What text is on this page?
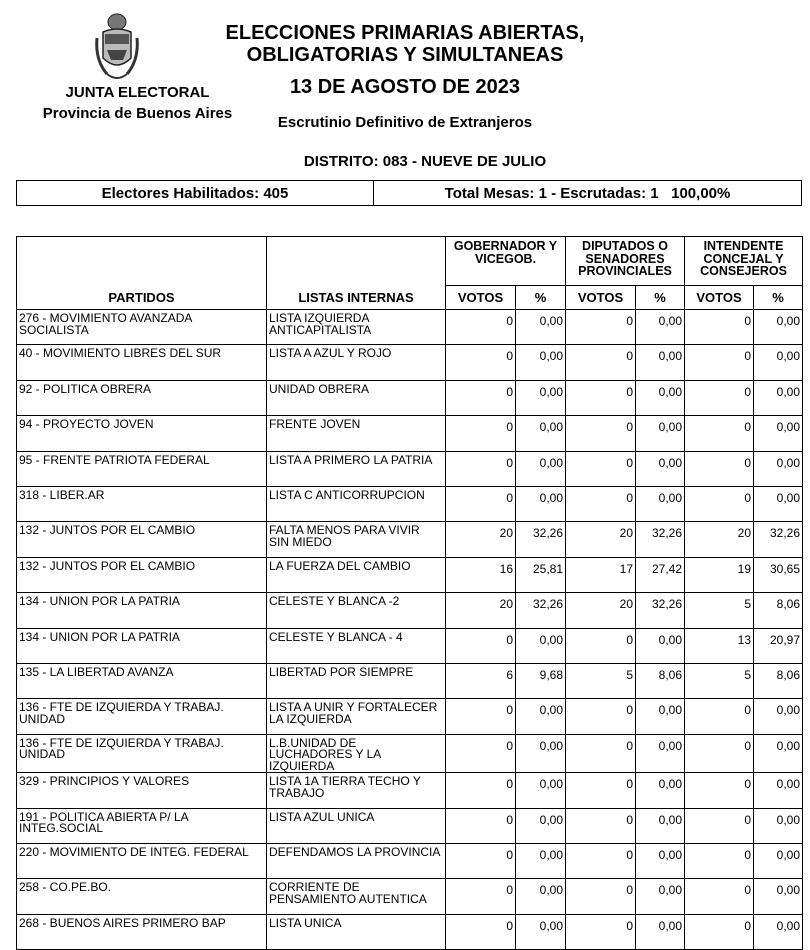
JUNTA ELECTORAL
Provincia de Buenos Aires
ELECCIONES PRIMARIAS ABIERTAS,
OBLIGATORIAS Y SIMULTANEAS
13 DE AGOSTO DE 2023
Escrutinio Definitivo de Extranjeros
DISTRITO: 083 - NUEVE DE JULIO
Electores Habilitados: 405	Total Mesas: 1 - Escrutadas: 1   100,00%
PARTIDOS	LISTAS INTERNAS	GOBERNADOR Y VICEGOB.		DIPUTADOS O SENADORES PROVINCIALES		INTENDENTE CONCEJAL Y CONSEJEROS	
		VOTOS	%	VOTOS	%	VOTOS	%
276 - MOVIMIENTO AVANZADA SOCIALISTA	LISTA IZQUIERDA ANTICAPITALISTA	0	0,00	0	0,00	0	0,00
40 - MOVIMIENTO LIBRES DEL SUR	LISTA A AZUL Y ROJO	0	0,00	0	0,00	0	0,00
92 - POLITICA OBRERA	UNIDAD OBRERA	0	0,00	0	0,00	0	0,00
94 - PROYECTO JOVEN	FRENTE JOVEN	0	0,00	0	0,00	0	0,00
95 - FRENTE PATRIOTA FEDERAL	LISTA A PRIMERO LA PATRIA	0	0,00	0	0,00	0	0,00
318 - LIBER.AR	LISTA C ANTICORRUPCION	0	0,00	0	0,00	0	0,00
132 - JUNTOS POR EL CAMBIO	FALTA MENOS PARA VIVIR SIN MIEDO	20	32,26	20	32,26	20	32,26
132 - JUNTOS POR EL CAMBIO	LA FUERZA DEL CAMBIO	16	25,81	17	27,42	19	30,65
134 - UNION POR LA PATRIA	CELESTE Y BLANCA -2	20	32,26	20	32,26	5	8,06
134 - UNION POR LA PATRIA	CELESTE Y BLANCA - 4	0	0,00	0	0,00	13	20,97
135 - LA LIBERTAD AVANZA	LIBERTAD POR SIEMPRE	6	9,68	5	8,06	5	8,06
136 - FTE DE IZQUIERDA Y TRABAJ. UNIDAD	LISTA A UNIR Y FORTALECER LA IZQUIERDA	0	0,00	0	0,00	0	0,00
136 - FTE DE IZQUIERDA Y TRABAJ. UNIDAD	L.B.UNIDAD DE LUCHADORES Y LA IZQUIERDA	0	0,00	0	0,00	0	0,00
329 - PRINCIPIOS Y VALORES	LISTA 1A TIERRA TECHO Y TRABAJO	0	0,00	0	0,00	0	0,00
191 - POLITICA ABIERTA P/ LA INTEG.SOCIAL	LISTA AZUL UNICA	0	0,00	0	0,00	0	0,00
220 - MOVIMIENTO DE INTEG. FEDERAL	DEFENDAMOS LA PROVINCIA	0	0,00	0	0,00	0	0,00
258 - CO.PE.BO.	CORRIENTE DE PENSAMIENTO AUTENTICA	0	0,00	0	0,00	0	0,00
268 - BUENOS AIRES PRIMERO BAP	LISTA UNICA	0	0,00	0	0,00	0	0,00
